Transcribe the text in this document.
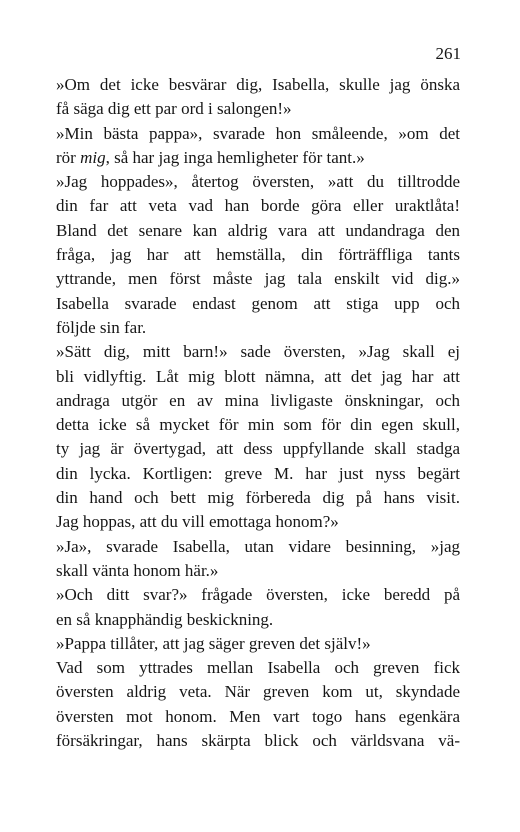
261
»Om det icke besvärar dig, Isabella, skulle jag önska
få säga dig ett par ord i salongen!»
»Min bästa pappa», svarade hon småleende, »om det
rör mig, så har jag inga hemligheter för tant.»
»Jag hoppades», återtog översten, »att du tilltrodde
din far att veta vad han borde göra eller uraktlåta!
Bland det senare kan aldrig vara att undandraga den
fråga, jag har att hemställa, din förträffliga tants
yttrande, men först måste jag tala enskilt vid dig.»
Isabella svarade endast genom att stiga upp och
följde sin far.
»Sätt dig, mitt barn!» sade översten, »Jag skall ej
bli vidlyftig. Låt mig blott nämna, att det jag har att
andraga utgör en av mina livligaste önskningar, och
detta icke så mycket för min som för din egen skull,
ty jag är övertygad, att dess uppfyllande skall stadga
din lycka. Kortligen: greve M. har just nyss begärt
din hand och bett mig förbereda dig på hans visit.
Jag hoppas, att du vill emottaga honom?»
»Ja», svarade Isabella, utan vidare besinning, »jag
skall vänta honom här.»
»Och ditt svar?» frågade översten, icke beredd på
en så knapphändig beskickning.
»Pappa tillåter, att jag säger greven det själv!»
Vad som yttrades mellan Isabella och greven fick
översten aldrig veta. När greven kom ut, skyndade
översten mot honom. Men vart togo hans egenkära
försäkringar, hans skärpta blick och världsvana vä-
